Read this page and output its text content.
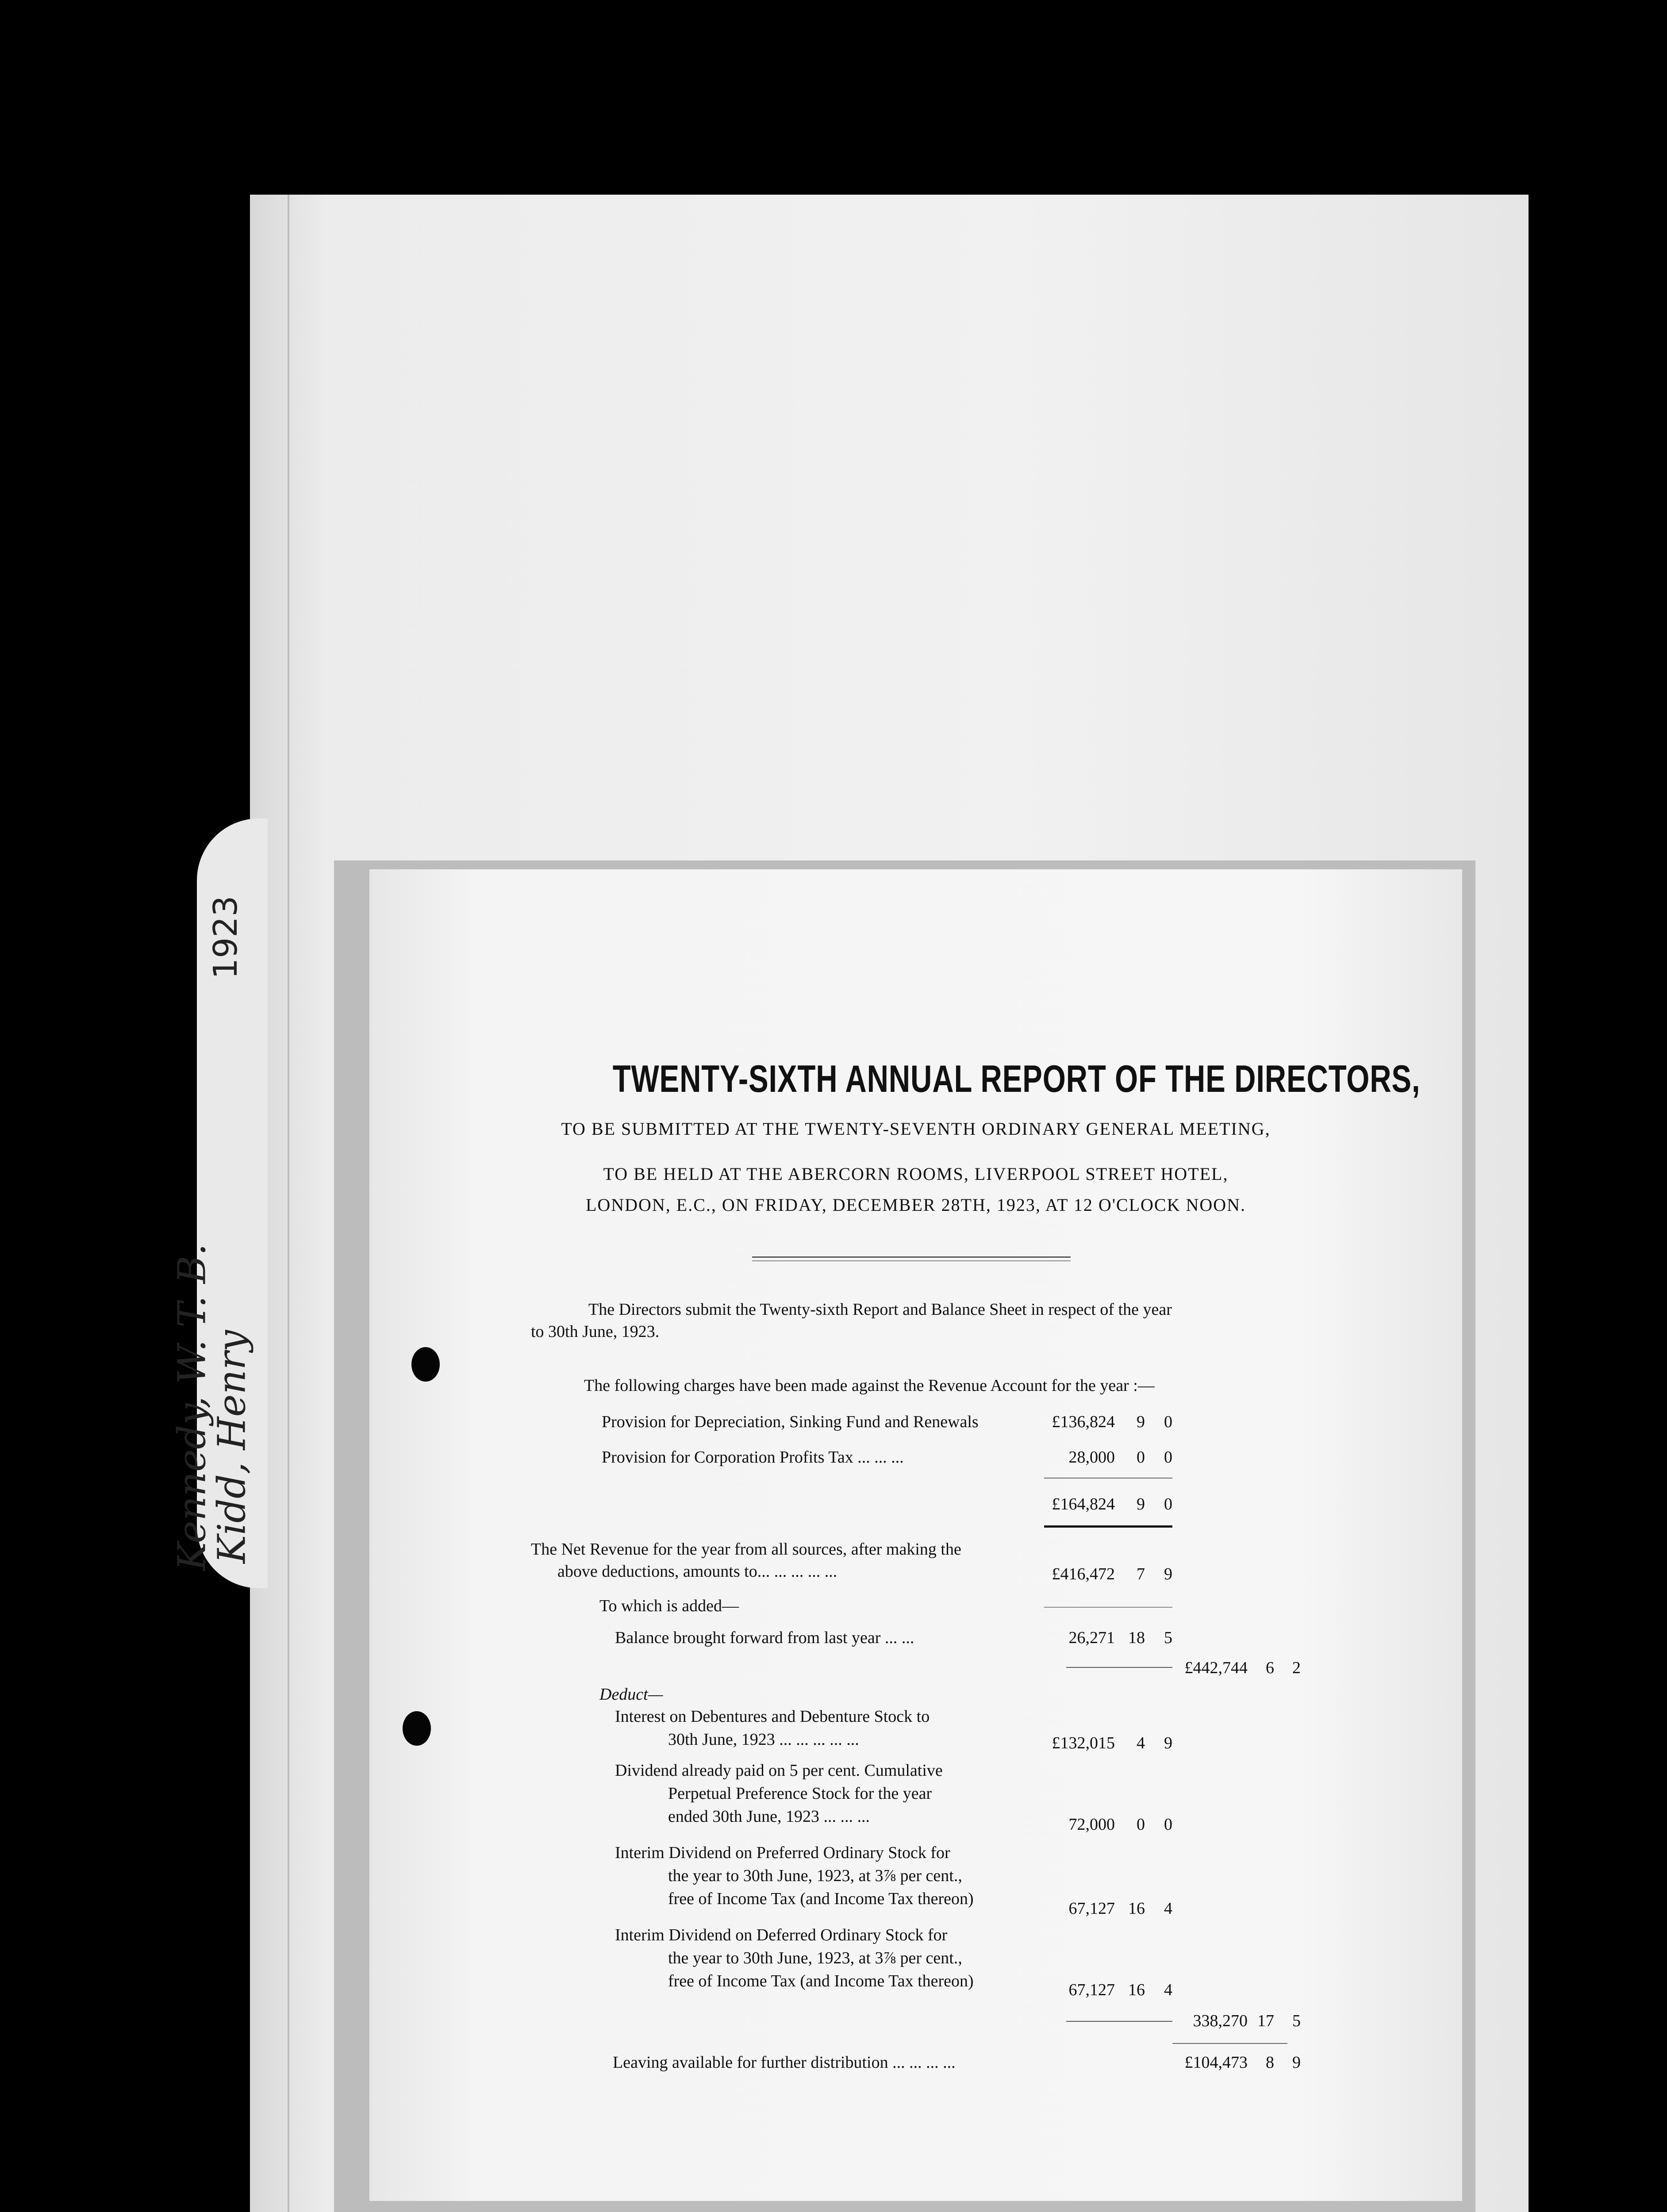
1923
Kennedy, W. T. B.
Kidd, Henry
TWENTY-SIXTH ANNUAL REPORT OF THE DIRECTORS,
TO BE SUBMITTED AT THE TWENTY-SEVENTH ORDINARY GENERAL MEETING,
TO BE HELD AT THE ABERCORN ROOMS, LIVERPOOL STREET HOTEL,
LONDON, E.C., ON FRIDAY, DECEMBER 28TH, 1923, AT 12 O'CLOCK NOON.
The Directors submit the Twenty-sixth Report and Balance Sheet in respect of the year
to 30th June, 1923.
The following charges have been made against the Revenue Account for the year :—
Provision for Depreciation, Sinking Fund and Renewals	£136,824	9	0
Provision for Corporation Profits Tax ... ... ...	28,000	0	0
£164,824	9	0
The Net Revenue for the year from all sources, after making the
above deductions, amounts to... ... ... ... ...	£416,472	7	9
To which is added—
Balance brought forward from last year ... ...	26,271 18	5
£442,744	6	2
Deduct—
Interest on Debentures and Debenture Stock to
30th June, 1923 ... ... ... ... ...	£132,015	4	9
Dividend already paid on 5 per cent. Cumulative
Perpetual Preference Stock for the year
ended 30th June, 1923 ... ... ...	72,000	0	0
Interim Dividend on Preferred Ordinary Stock for
the year to 30th June, 1923, at 3⅞ per cent.,
free of Income Tax (and Income Tax thereon)
67,127 16	4
Interim Dividend on Deferred Ordinary Stock for
the year to 30th June, 1923, at 3⅞ per cent.,
free of Income Tax (and Income Tax thereon)	67,127 16	4
338,270 17	5
Leaving available for further distribution ... ... ... ...	£104,473	8	9
